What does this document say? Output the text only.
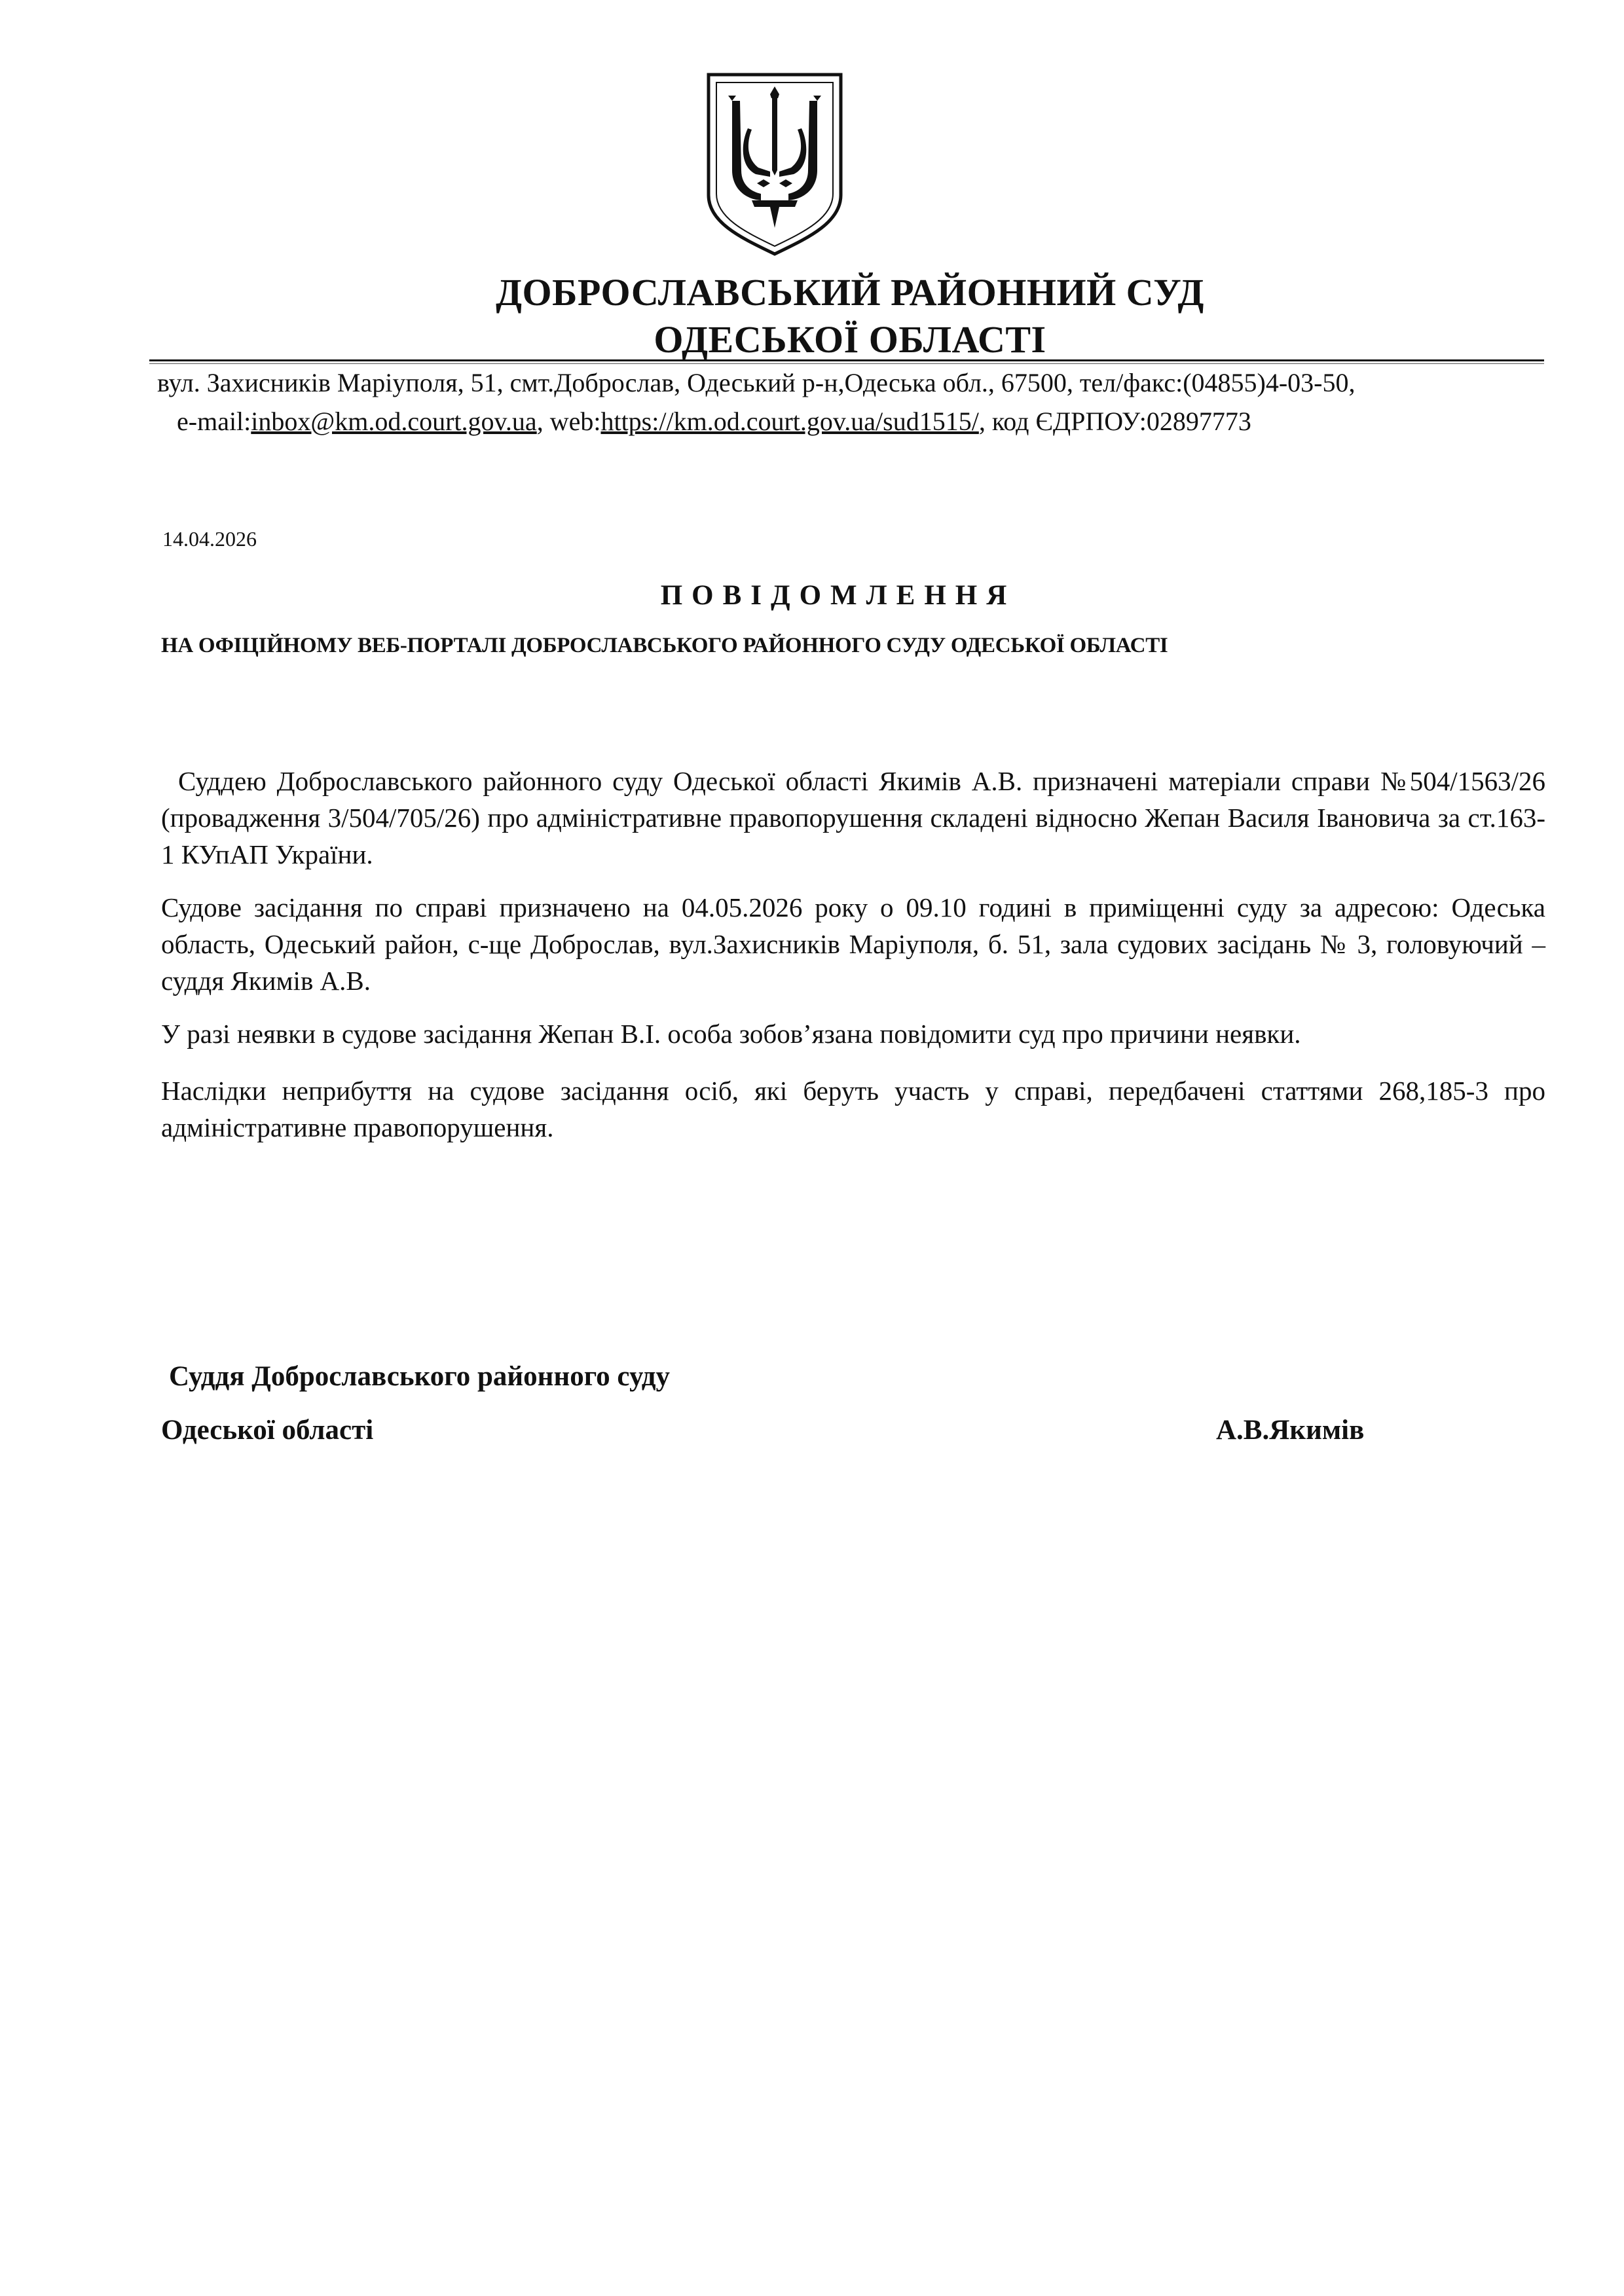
ДОБРОСЛАВСЬКИЙ РАЙОННИЙ СУД
ОДЕСЬКОЇ ОБЛАСТІ
вул. Захисників Маріуполя, 51, смт.Доброслав, Одеський р-н,Одеська обл., 67500, тел/факс:(04855)4-03-50,
e-mail:inbox@km.od.court.gov.ua, web:https://km.od.court.gov.ua/sud1515/, код ЄДРПОУ:02897773
14.04.2026
ПОВІДОМЛЕННЯ
НА ОФІЦІЙНОМУ ВЕБ-ПОРТАЛІ ДОБРОСЛАВСЬКОГО РАЙОННОГО СУДУ ОДЕСЬКОЇ ОБЛАСТІ
Суддею Доброславського районного суду Одеської області Якимів А.В. призначені матеріали справи №504/1563/26 (провадження 3/504/705/26) про адміністративне правопорушення складені відносно Жепан Василя Івановича за ст.163-1 КУпАП України.
Судове засідання по справі призначено на 04.05.2026 року о 09.10 годині в приміщенні суду за адресою: Одеська область, Одеський район, с-ще Доброслав, вул.Захисників Маріуполя, б. 51, зала судових засідань № 3, головуючий – суддя Якимів А.В.
У разі неявки в судове засідання Жепан В.І. особа зобов’язана повідомити суд про причини неявки.
Наслідки неприбуття на судове засідання осіб, які беруть участь у справі, передбачені статтями 268,185-3 про адміністративне правопорушення.
Суддя Доброславського районного суду
Одеської області	А.В.Якимів
